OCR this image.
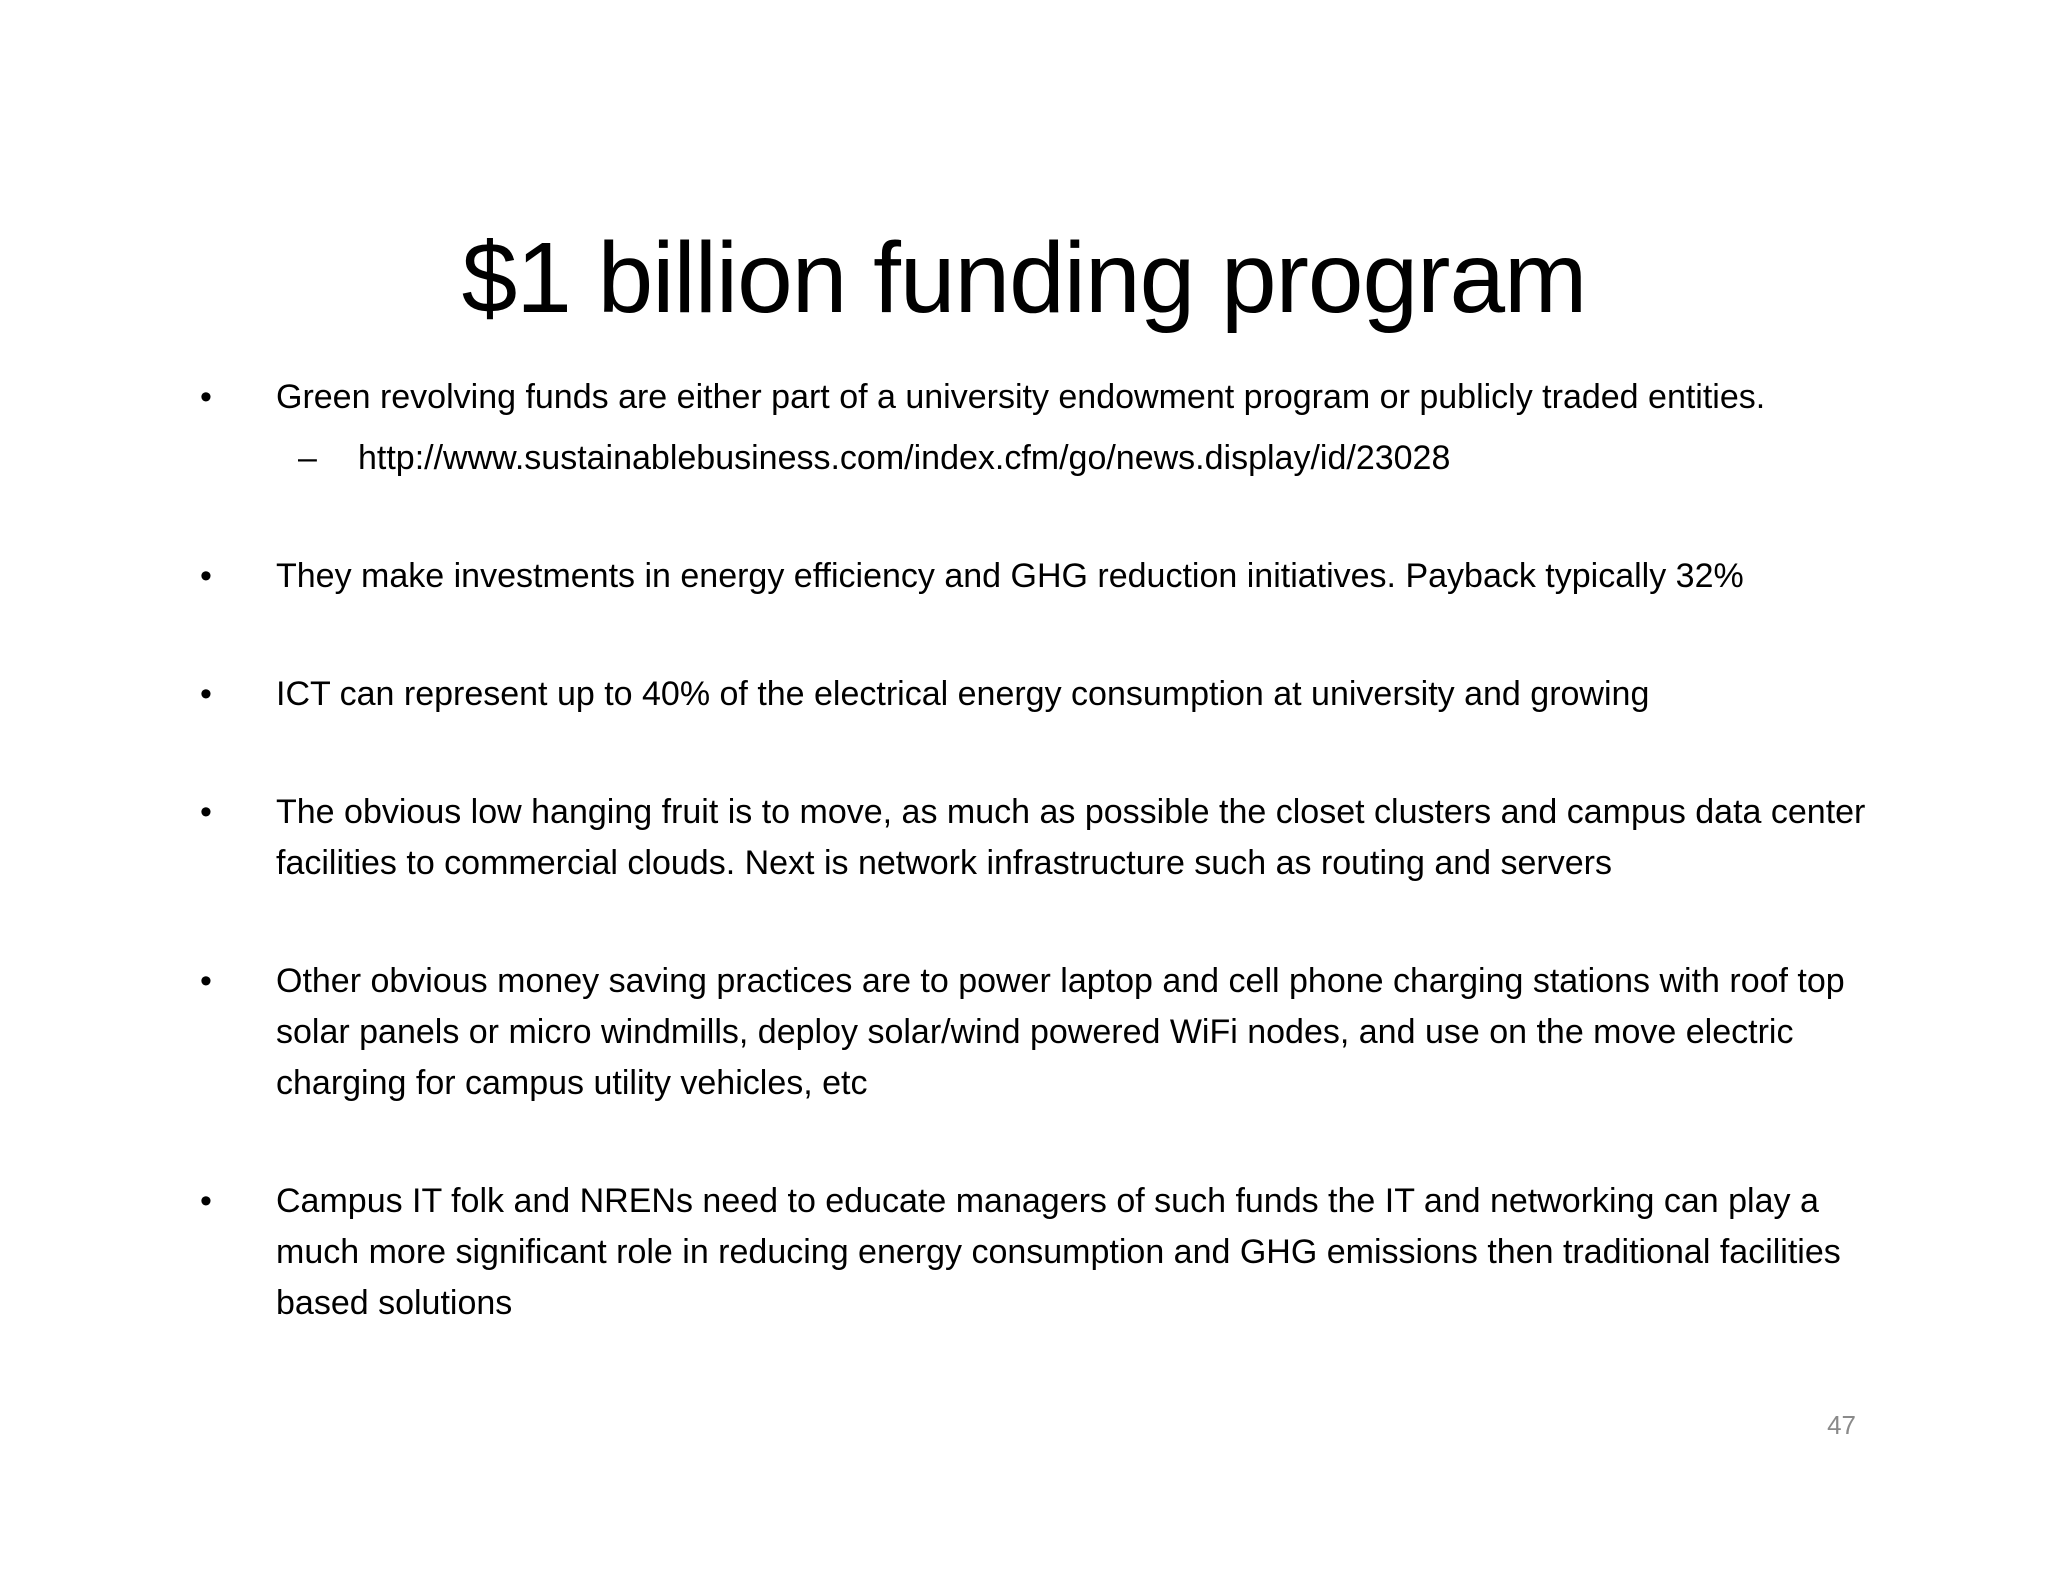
$1 billion funding program
• Green revolving funds are either part of a university endowment program or publicly traded entities.
– http://www.sustainablebusiness.com/index.cfm/go/news.display/id/23028
• They make investments in energy efficiency and GHG reduction initiatives. Payback typically 32%
• ICT can represent up to 40% of the electrical energy consumption at university and growing
• The obvious low hanging fruit is to move, as much as possible the closet clusters and campus data center facilities to commercial clouds. Next is network infrastructure such as routing and servers
• Other obvious money saving practices are to power laptop and cell phone charging stations with roof top solar panels or micro windmills, deploy solar/wind powered WiFi nodes, and use on the move electric charging for campus utility vehicles, etc
• Campus IT folk and NRENs need to educate managers of such funds the IT and networking can play a much more significant role in reducing energy consumption and GHG emissions then traditional facilities based solutions
47
